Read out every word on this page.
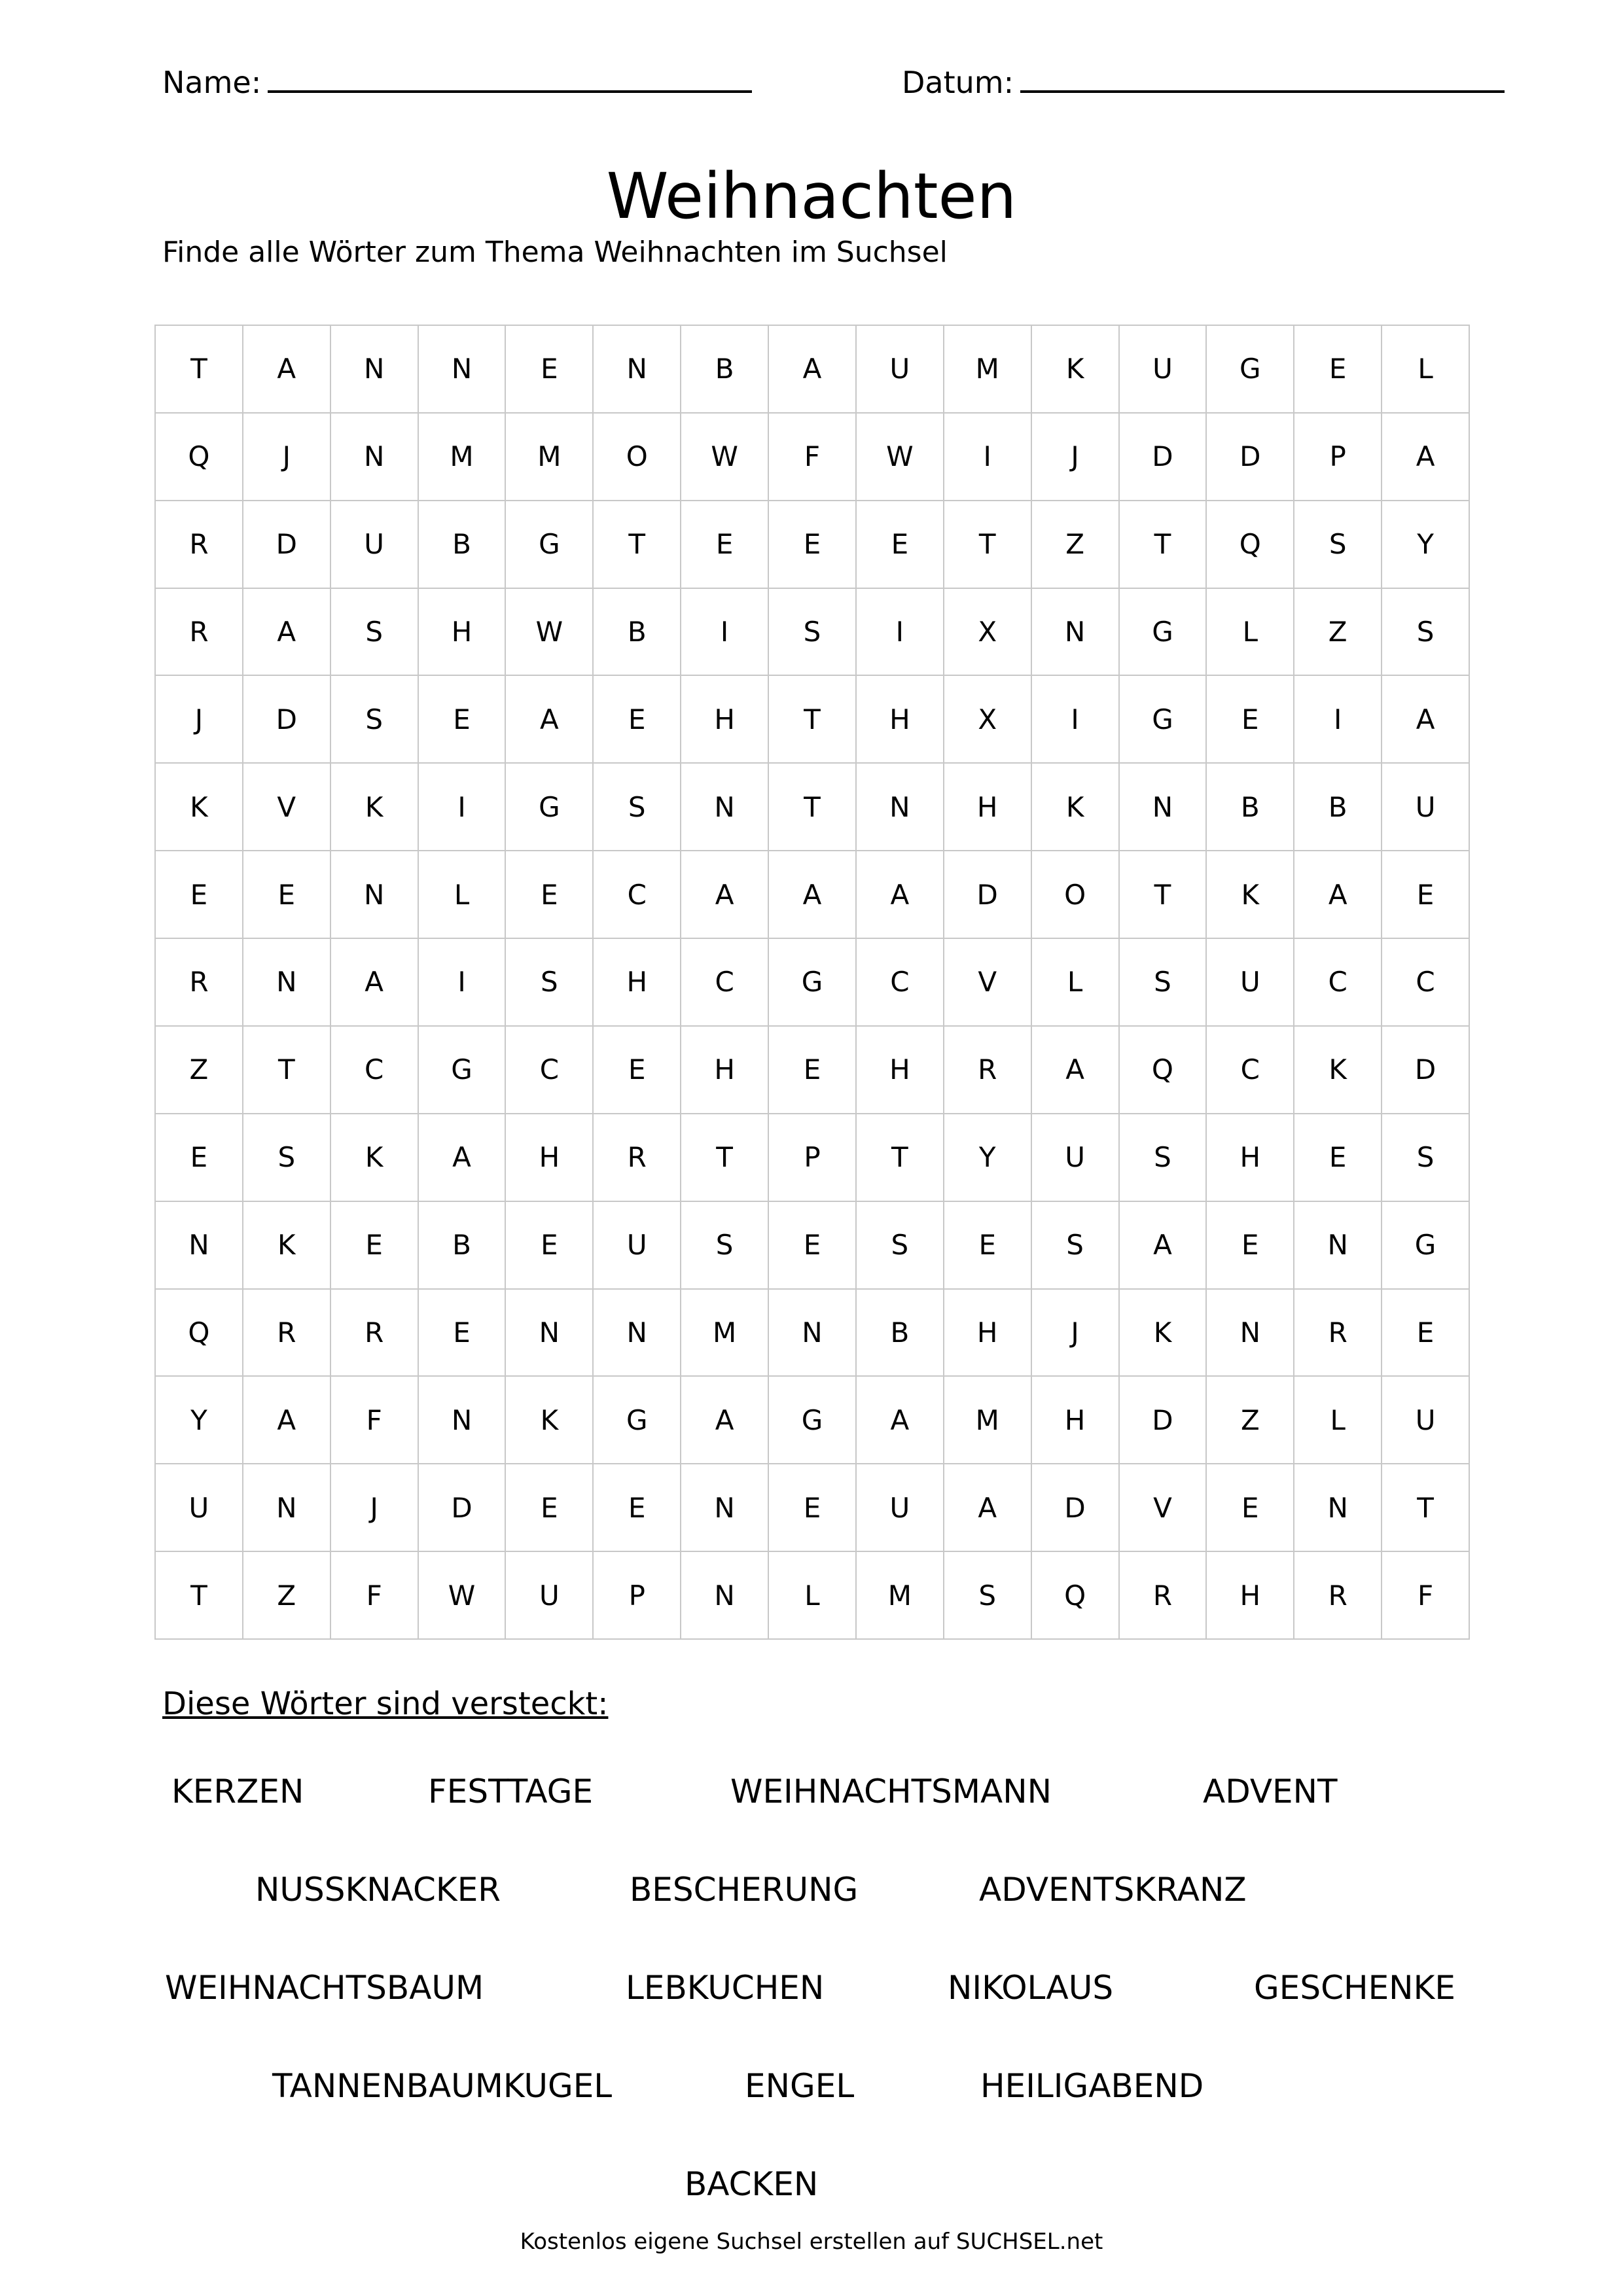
Name:	Datum:
Weihnachten
Finde alle Wörter zum Thema Weihnachten im Suchsel
T	A	N	N	E	N	B	A	U	M	K	U	G	E	L
Q	J	N	M	M	O	W	F	W	I	J	D	D	P	A
R	D	U	B	G	T	E	E	E	T	Z	T	Q	S	Y
R	A	S	H	W	B	I	S	I	X	N	G	L	Z	S
J	D	S	E	A	E	H	T	H	X	I	G	E	I	A
K	V	K	I	G	S	N	T	N	H	K	N	B	B	U
E	E	N	L	E	C	A	A	A	D	O	T	K	A	E
R	N	A	I	S	H	C	G	C	V	L	S	U	C	C
Z	T	C	G	C	E	H	E	H	R	A	Q	C	K	D
E	S	K	A	H	R	T	P	T	Y	U	S	H	E	S
N	K	E	B	E	U	S	E	S	E	S	A	E	N	G
Q	R	R	E	N	N	M	N	B	H	J	K	N	R	E
Y	A	F	N	K	G	A	G	A	M	H	D	Z	L	U
U	N	J	D	E	E	N	E	U	A	D	V	E	N	T
T	Z	F	W	U	P	N	L	M	S	Q	R	H	R	F
Diese Wörter sind versteckt:
KERZEN	FESTTAGE	WEIHNACHTSMANN	ADVENT
NUSSKNACKER	BESCHERUNG	ADVENTSKRANZ
WEIHNACHTSBAUM	LEBKUCHEN	NIKOLAUS	GESCHENKE
TANNENBAUMKUGEL	ENGEL	HEILIGABEND
BACKEN
Kostenlos eigene Suchsel erstellen auf SUCHSEL.net
